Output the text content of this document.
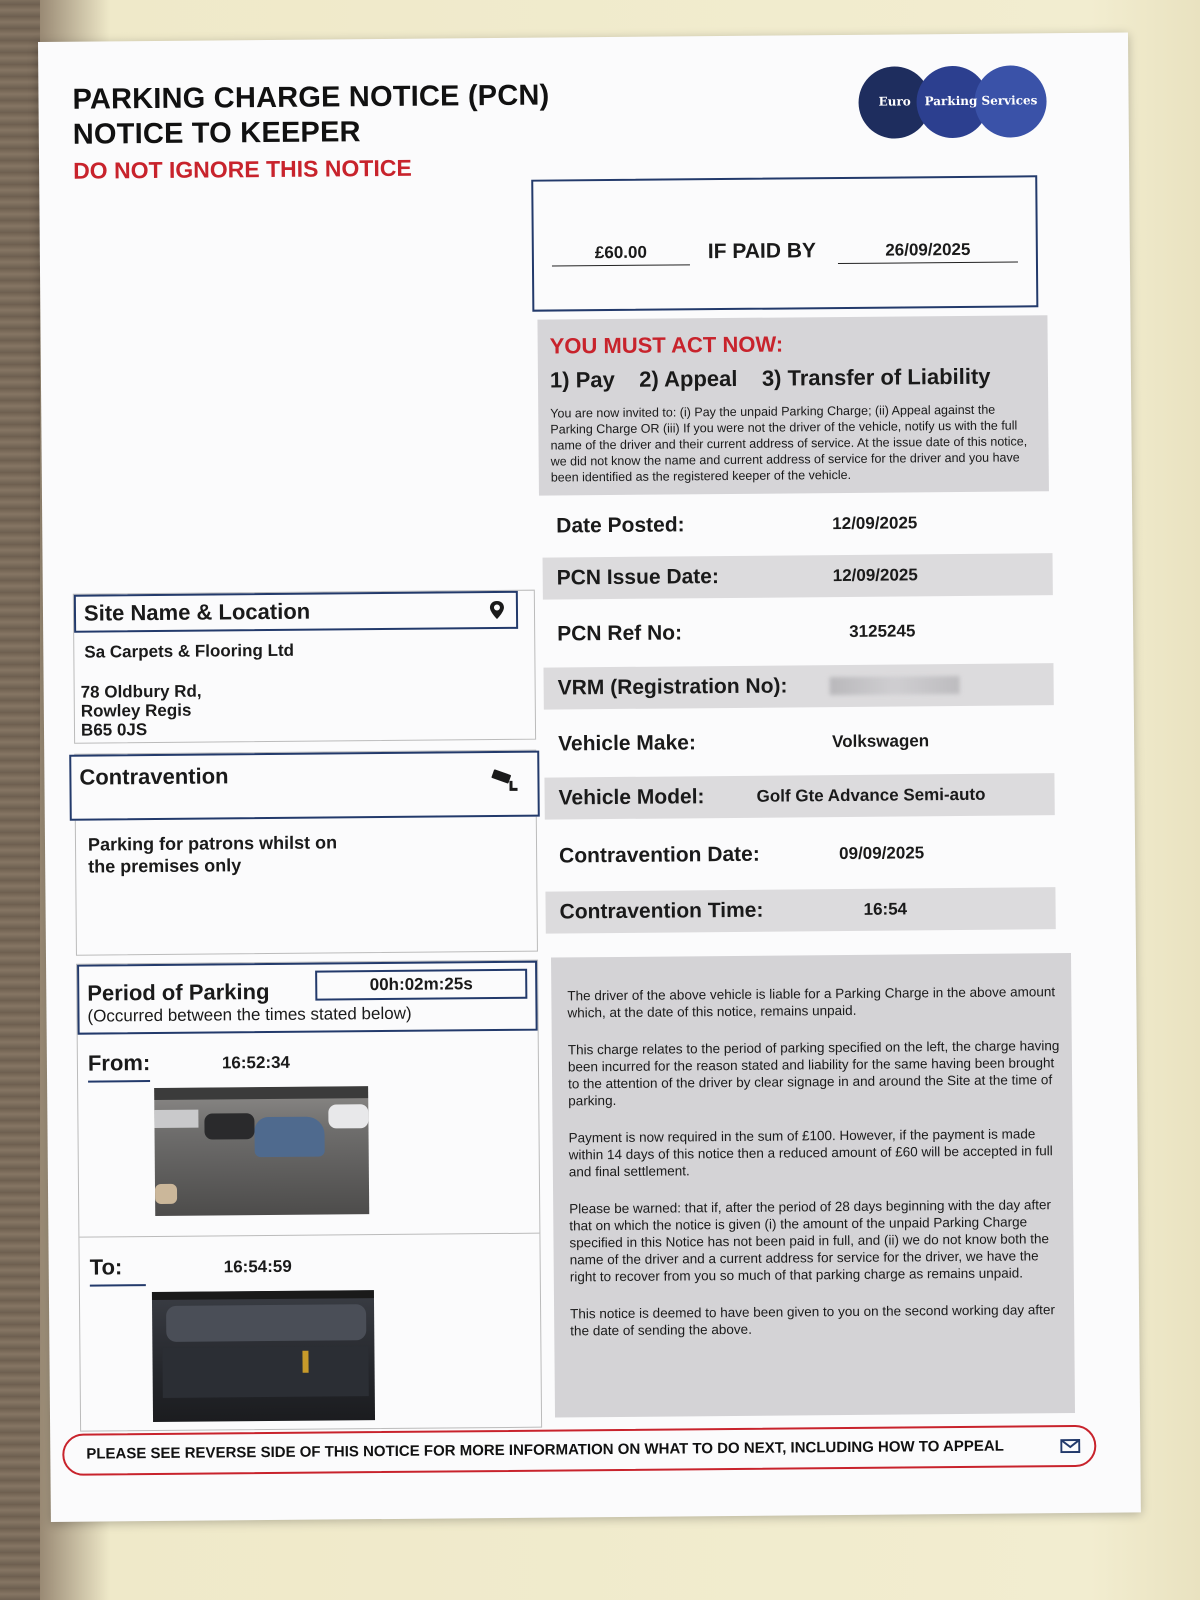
PARKING CHARGE NOTICE (PCN)
NOTICE TO KEEPER
DO NOT IGNORE THIS NOTICE
Euro Parking Services
£60.00	IF PAID BY	26/09/2025
YOU MUST ACT NOW:
1) Pay    2) Appeal    3) Transfer of Liability
You are now invited to: (i) Pay the unpaid Parking Charge; (ii) Appeal against the Parking Charge OR (iii) If you were not the driver of the vehicle, notify us with the full name of the driver and their current address of service. At the issue date of this notice, we did not know the name and current address of service for the driver and you have been identified as the registered keeper of the vehicle.
Date Posted:	12/09/2025
PCN Issue Date:	12/09/2025
PCN Ref No:	3125245
VRM (Registration No):
Vehicle Make:	Volkswagen
Vehicle Model:	Golf Gte Advance Semi-auto
Contravention Date:	09/09/2025
Contravention Time:	16:54
Site Name & Location
Sa Carpets & Flooring Ltd
78 Oldbury Rd,
Rowley Regis
B65 0JS
Contravention
Parking for patrons whilst on
the premises only
Period of Parking	00h:02m:25s
(Occurred between the times stated below)
From:	16:52:34
To:	16:54:59

The driver of the above vehicle is liable for a Parking Charge in the above amount which, at the date of this notice, remains unpaid.

This charge relates to the period of parking specified on the left, the charge having been incurred for the reason stated and liability for the same having been brought to the attention of the driver by clear signage in and around the Site at the time of parking.

Payment is now required in the sum of £100. However, if the payment is made within 14 days of this notice then a reduced amount of £60 will be accepted in full and final settlement.

Please be warned: that if, after the period of 28 days beginning with the day after that on which the notice is given (i) the amount of the unpaid Parking Charge specified in this Notice has not been paid in full, and (ii) we do not know both the name of the driver and a current address for service for the driver, we have the right to recover from you so much of that parking charge as remains unpaid.

This notice is deemed to have been given to you on the second working day after the date of sending the above.

PLEASE SEE REVERSE SIDE OF THIS NOTICE FOR MORE INFORMATION ON WHAT TO DO NEXT, INCLUDING HOW TO APPEAL
